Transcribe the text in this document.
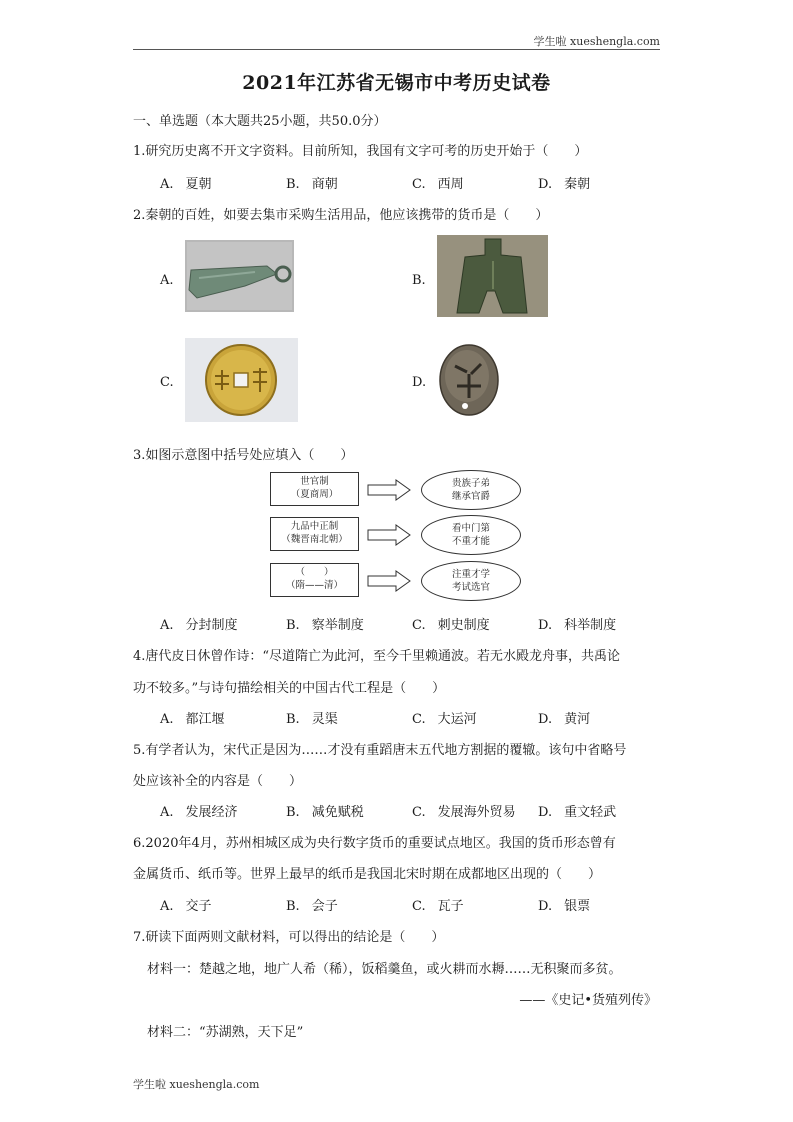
学生啦 xueshengla.com
2021年江苏省无锡市中考历史试卷
一、单选题（本大题共25小题，共50.0分）
1.研究历史离不开文字资料。目前所知，我国有文字可考的历史开始于（　　）
A. 夏朝	B. 商朝	C. 西周	D. 秦朝
2.秦朝的百姓，如要去集市采购生活用品，他应该携带的货币是（　　）
A.	B.
C.	D.
3.如图示意图中括号处应填入（　　）
世官制
（夏商周）
贵族子弟
继承官爵
九品中正制
（魏晋南北朝）
看中门第
不重才能
（　　）
（隋——清）
注重才学
考试选官
A. 分封制度	B. 察举制度	C. 刺史制度	D. 科举制度
4.唐代皮日休曾作诗：“尽道隋亡为此河，至今千里赖通波。若无水殿龙舟事，共禹论
功不较多。”与诗句描绘相关的中国古代工程是（　　）
A. 都江堰	B. 灵渠	C. 大运河	D. 黄河
5.有学者认为，宋代正是因为……才没有重蹈唐末五代地方割据的覆辙。该句中省略号
处应该补全的内容是（　　）
A. 发展经济	B. 减免赋税	C. 发展海外贸易 D. 重文轻武
6.2020年4月，苏州相城区成为央行数字货币的重要试点地区。我国的货币形态曾有
金属货币、纸币等。世界上最早的纸币是我国北宋时期在成都地区出现的（　　）
A. 交子	B. 会子	C. 瓦子	D. 银票
7.研读下面两则文献材料，可以得出的结论是（　　）
材料一：楚越之地，地广人希（稀），饭稻羹鱼，或火耕而水耨……无积聚而多贫。
——《史记•货殖列传》
材料二：“苏湖熟，天下足”
学生啦 xueshengla.com
